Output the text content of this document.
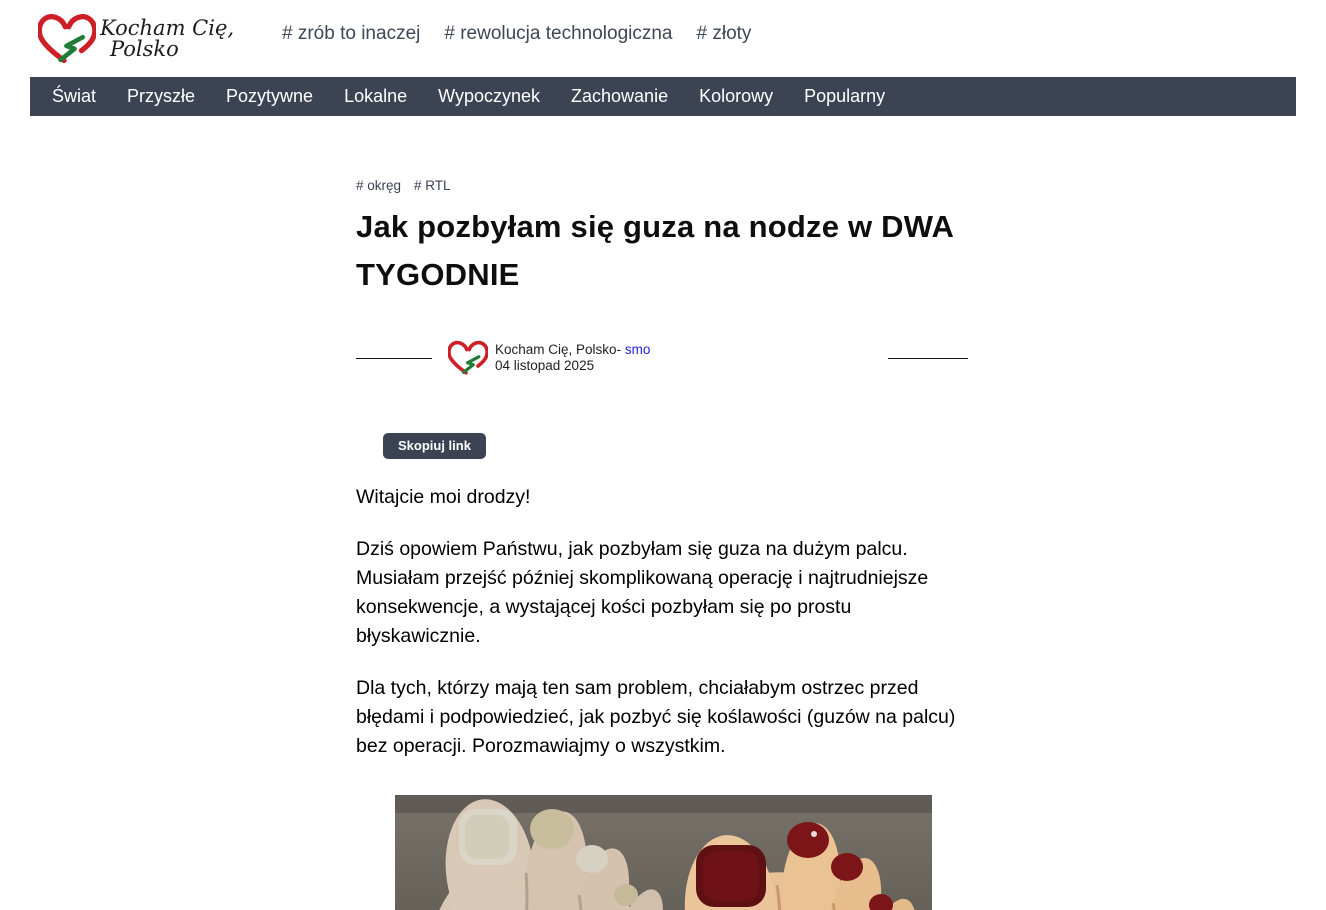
Kocham Cię,
Polsko
# zrób to inaczej # rewolucja technologiczna # złoty
Świat Przyszłe Pozytywne Lokalne Wypoczynek Zachowanie Kolorowy Popularny
# okręg # RTL
Jak pozbyłam się guza na nodze w DWA TYGODNIE
Kocham Cię, Polsko- smo
04 listopad 2025
Skopiuj link

Witajcie moi drodzy!

Dziś opowiem Państwu, jak pozbyłam się guza na dużym palcu. Musiałam przejść później skomplikowaną operację i najtrudniejsze konsekwencje, a wystającej kości pozbyłam się po prostu błyskawicznie.

Dla tych, którzy mają ten sam problem, chciałabym ostrzec przed błędami i podpowiedzieć, jak pozbyć się koślawości (guzów na palcu) bez operacji. Porozmawiajmy o wszystkim.
